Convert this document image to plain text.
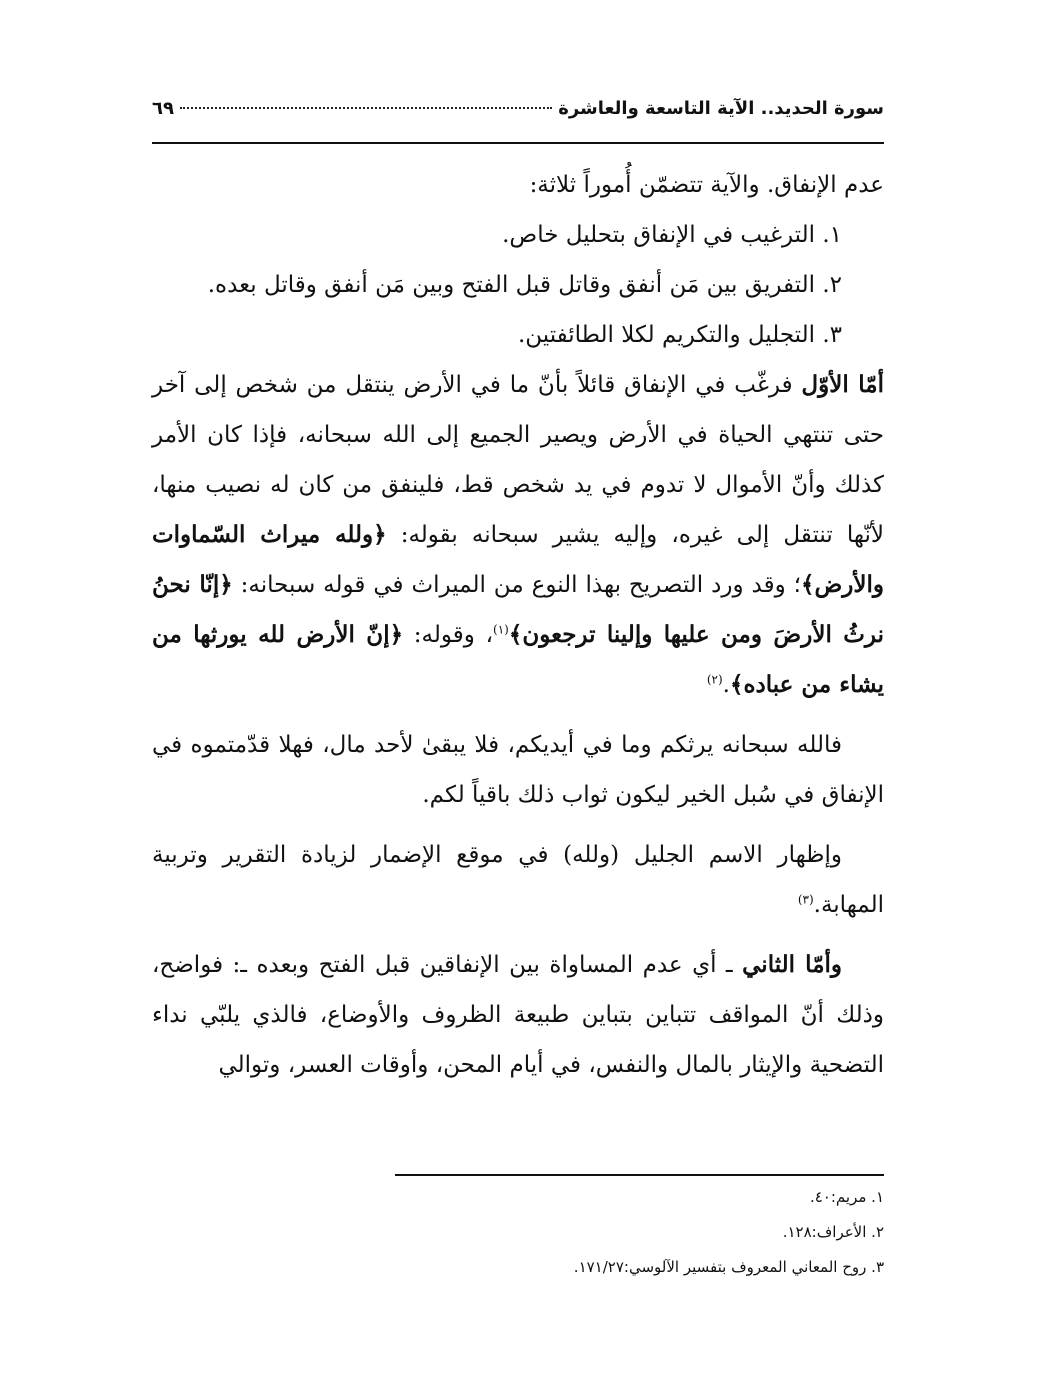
سورة الحديد.. الآية التاسعة والعاشرة
٦٩

عدم الإنفاق. والآية تتضمّن أُموراً ثلاثة:

١. الترغيب في الإنفاق بتحليل خاص.

٢. التفريق بين مَن أنفق وقاتل قبل الفتح وبين مَن أنفق وقاتل بعده.

٣. التجليل والتكريم لكلا الطائفتين.

أمّا الأوّل فرغّب في الإنفاق قائلاً بأنّ ما في الأرض ينتقل من شخص إلى آخر حتى تنتهي الحياة في الأرض ويصير الجميع إلى الله سبحانه، فإذا كان الأمر كذلك وأنّ الأموال لا تدوم في يد شخص قط، فلينفق من كان له نصيب منها، لأنّها تنتقل إلى غيره، وإليه يشير سبحانه بقوله: ﴿ولله ميراث السّماوات والأرض﴾؛ وقد ورد التصريح بهذا النوع من الميراث في قوله سبحانه: ﴿إنّا نحنُ نرثُ الأرضَ ومن عليها وإلينا ترجعون﴾$^{(١)}$، وقوله: ﴿إنّ الأرض لله يورثها من يشاء من عباده﴾.$^{(٢)}$

فالله سبحانه يرثكم وما في أيديكم، فلا يبقىٰ لأحد مال، فهلا قدّمتموه في الإنفاق في سُبل الخير ليكون ثواب ذلك باقياً لكم.

وإظهار الاسم الجليل (ولله) في موقع الإضمار لزيادة التقرير وتربية المهابة.$^{(٣)}$

وأمّا الثاني ـ أي عدم المساواة بين الإنفاقين قبل الفتح وبعده ـ: فواضح، وذلك أنّ المواقف تتباين بتباين طبيعة الظروف والأوضاع، فالذي يلبّي نداء التضحية والإيثار بالمال والنفس، في أيام المحن، وأوقات العسر، وتوالي

١. مريم:٤٠.
٢. الأعراف:١٢٨.
٣. روح المعاني المعروف بتفسير الآلوسي:١٧١/٢٧.
